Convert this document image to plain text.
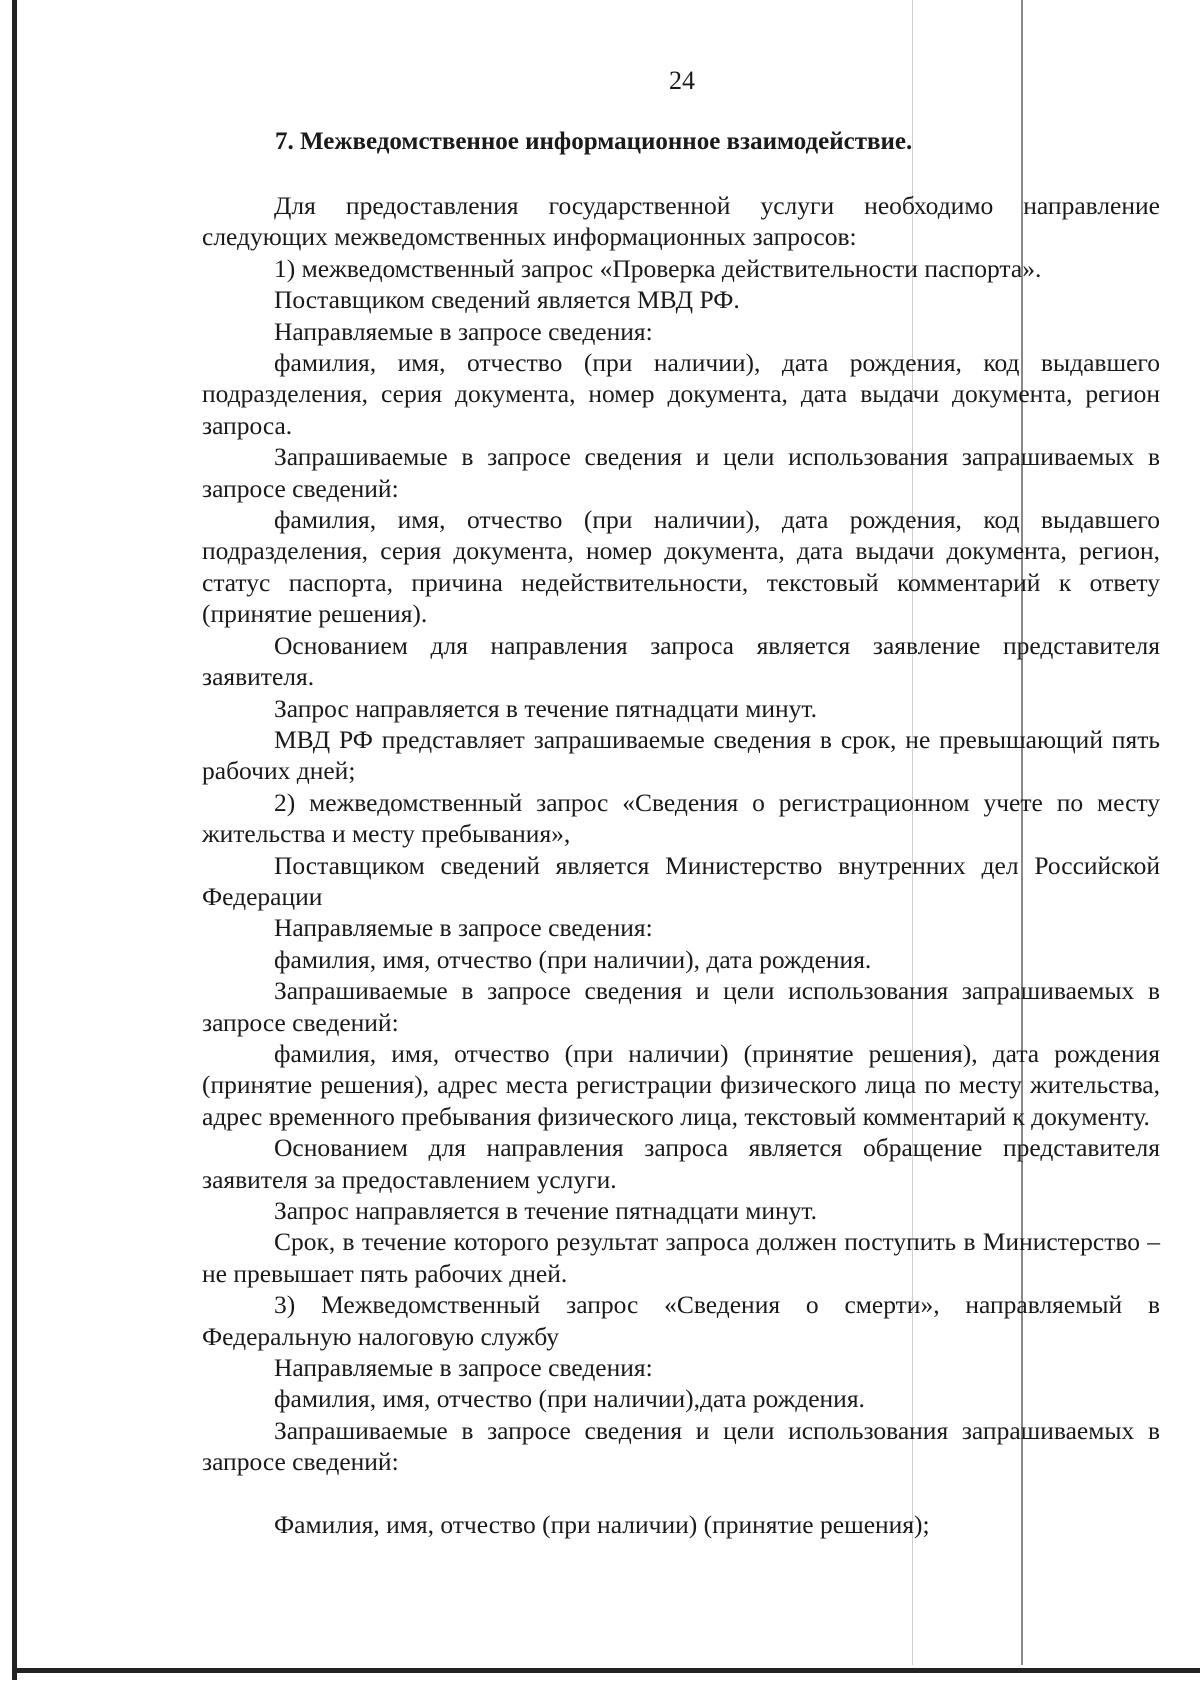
24
7. Межведомственное информационное взаимодействие.

Для предоставления государственной услуги необходимо направление следующих межведомственных информационных запросов:

1) межведомственный запрос «Проверка действительности паспорта».

Поставщиком сведений является МВД РФ.

Направляемые в запросе сведения:

фамилия, имя, отчество (при наличии), дата рождения, код выдавшего подразделения, серия документа, номер документа, дата выдачи документа, регион запроса.

Запрашиваемые в запросе сведения и цели использования запрашиваемых в запросе сведений:

фамилия, имя, отчество (при наличии), дата рождения, код выдавшего подразделения, серия документа, номер документа, дата выдачи документа, регион, статус паспорта, причина недействительности, текстовый комментарий к ответу (принятие решения).

Основанием для направления запроса является заявление представителя заявителя.

Запрос направляется в течение пятнадцати минут.

МВД РФ представляет запрашиваемые сведения в срок, не превышающий пять рабочих дней;

2) межведомственный запрос «Сведения о регистрационном учете по месту жительства и месту пребывания»,

Поставщиком сведений является Министерство внутренних дел Российской Федерации

Направляемые в запросе сведения:

фамилия, имя, отчество (при наличии), дата рождения.

Запрашиваемые в запросе сведения и цели использования запрашиваемых в запросе сведений:

фамилия, имя, отчество (при наличии) (принятие решения), дата рождения (принятие решения), адрес места регистрации физического лица по месту жительства, адрес временного пребывания физического лица, текстовый комментарий к документу.

Основанием для направления запроса является обращение представителя заявителя за предоставлением услуги.

Запрос направляется в течение пятнадцати минут.

Срок, в течение которого результат запроса должен поступить в Министерство – не превышает пять рабочих дней.

3) Межведомственный запрос «Сведения о смерти», направляемый в Федеральную налоговую службу

Направляемые в запросе сведения:

фамилия, имя, отчество (при наличии),дата рождения.

Запрашиваемые в запросе сведения и цели использования запрашиваемых в запросе сведений:

Фамилия, имя, отчество (при наличии) (принятие решения);
